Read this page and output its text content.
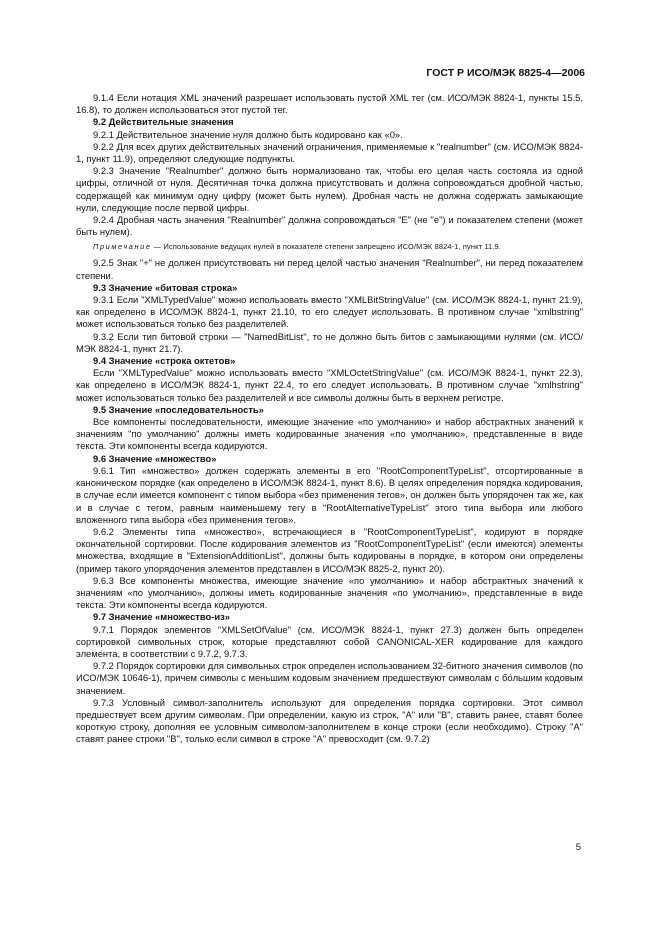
ГОСТ Р ИСО/МЭК 8825-4—2006

9.1.4 Если нотация XML значений разрешает использовать пустой XML тег (см. ИСО/МЭК 8824-1, пункты 15.5, 16.8), то должен использоваться этот пустой тег.

9.2 Действительные значения

9.2.1 Действительное значение нуля должно быть кодировано как «0».

9.2.2 Для всех других действительных значений ограничения, применяемые к "realnumber" (см. ИСО/МЭК 8824-1, пункт 11.9), определяют следующие подпункты.

9.2.3 Значение "Realnumber" должно быть нормализовано так, чтобы его целая часть состояла из одной цифры, отличной от нуля. Десятичная точка должна присутствовать и должна сопровождаться дробной частью, содержащей как минимум одну цифру (может быть нулем). Дробная часть не должна содержать замыкающие нули, следующие после первой цифры.

9.2.4 Дробная часть значения "Realnumber" должна сопровождаться "E" (не "e") и показателем степени (может быть нулем).

Примечание — Использование ведущих нулей в показателе степени запрещено ИСО/МЭК 8824-1, пункт 11.9.

9.2.5 Знак "+" не должен присутствовать ни перед целой частью значения "Realnumber", ни перед показателем степени.

9.3 Значение «битовая строка»

9.3.1 Если "XMLTypedValue" можно использовать вместо "XMLBitStringValue" (см. ИСО/МЭК 8824-1, пункт 21.9), как определено в ИСО/МЭК 8824-1, пункт 21.10, то его следует использовать. В противном случае "xmlbstring" может использоваться только без разделителей.

9.3.2 Если тип битовой строки — "NamedBitList", то не должно быть битов с замыкающими нулями (см. ИСО/МЭК 8824-1, пункт 21.7).

9.4 Значение «строка октетов»

Если "XMLTypedValue" можно использовать вместо "XMLOctetStringValue" (см. ИСО/МЭК 8824-1, пункт 22.3), как определено в ИСО/МЭК 8824-1, пункт 22.4, то его следует использовать. В противном случае "xmlhstring" может использоваться только без разделителей и все символы должны быть в верхнем регистре.

9.5 Значение «последовательность»

Все компоненты последовательности, имеющие значение «по умолчанию» и набор абстрактных значений к значениям "по умолчанию" должны иметь кодированные значения «по умолчанию», представленные в виде текста. Эти компоненты всегда кодируются.

9.6 Значение «множество»

9.6.1 Тип «множество» должен содержать элементы в его "RootComponentTypeList", отсортированные в каноническом порядке (как определено в ИСО/МЭК 8824-1, пункт 8.6). В целях определения порядка кодирования, в случае если имеется компонент с типом выбора «без применения тегов», он должен быть упорядочен так же, как и в случае с тегом, равным наименьшему тегу в "RootAlternativeTypeList" этого типа выбора или любого вложенного типа выбора «без применения тегов».

9.6.2 Элементы типа «множество», встречающиеся в "RootComponentTypeList", кодируют в порядке окончательной сортировки. После кодирования элементов из "RootComponentTypeList" (если имеются) элементы множества, входящие в "ExtensionAdditionList", должны быть кодированы в порядке, в котором они определены (пример такого упорядочения элементов представлен в ИСО/МЭК 8825-2, пункт 20).

9.6.3 Все компоненты множества, имеющие значение «по умолчанию» и набор абстрактных значений к значениям «по умолчанию», должны иметь кодированные значения «по умолчанию», представленные в виде текста. Эти компоненты всегда кодируются.

9.7 Значение «множество-из»

9.7.1 Порядок элементов "XMLSetOfValue" (см. ИСО/МЭК 8824-1, пункт 27.3) должен быть определен сортировкой символьных строк, которые представляют собой CANONICAL-XER кодирование для каждого элемента, в соответствии с 9.7.2, 9.7.3.

9.7.2 Порядок сортировки для символьных строк определен использованием 32-битного значения символов (по ИСО/МЭК 10646-1), причем символы с меньшим кодовым значением предшествуют символам с бо́льшим кодовым значением.

9.7.3 Условный символ-заполнитель используют для определения порядка сортировки. Этот символ предшествует всем другим символам. При определении, какую из строк, "A" или "B", ставить ранее, ставят более короткую строку, дополняя ее условным символом-заполнителем в конце строки (если необходимо). Строку "A" ставят ранее строки "B", только если символ в строке "A" превосходит (см. 9.7.2)

5
